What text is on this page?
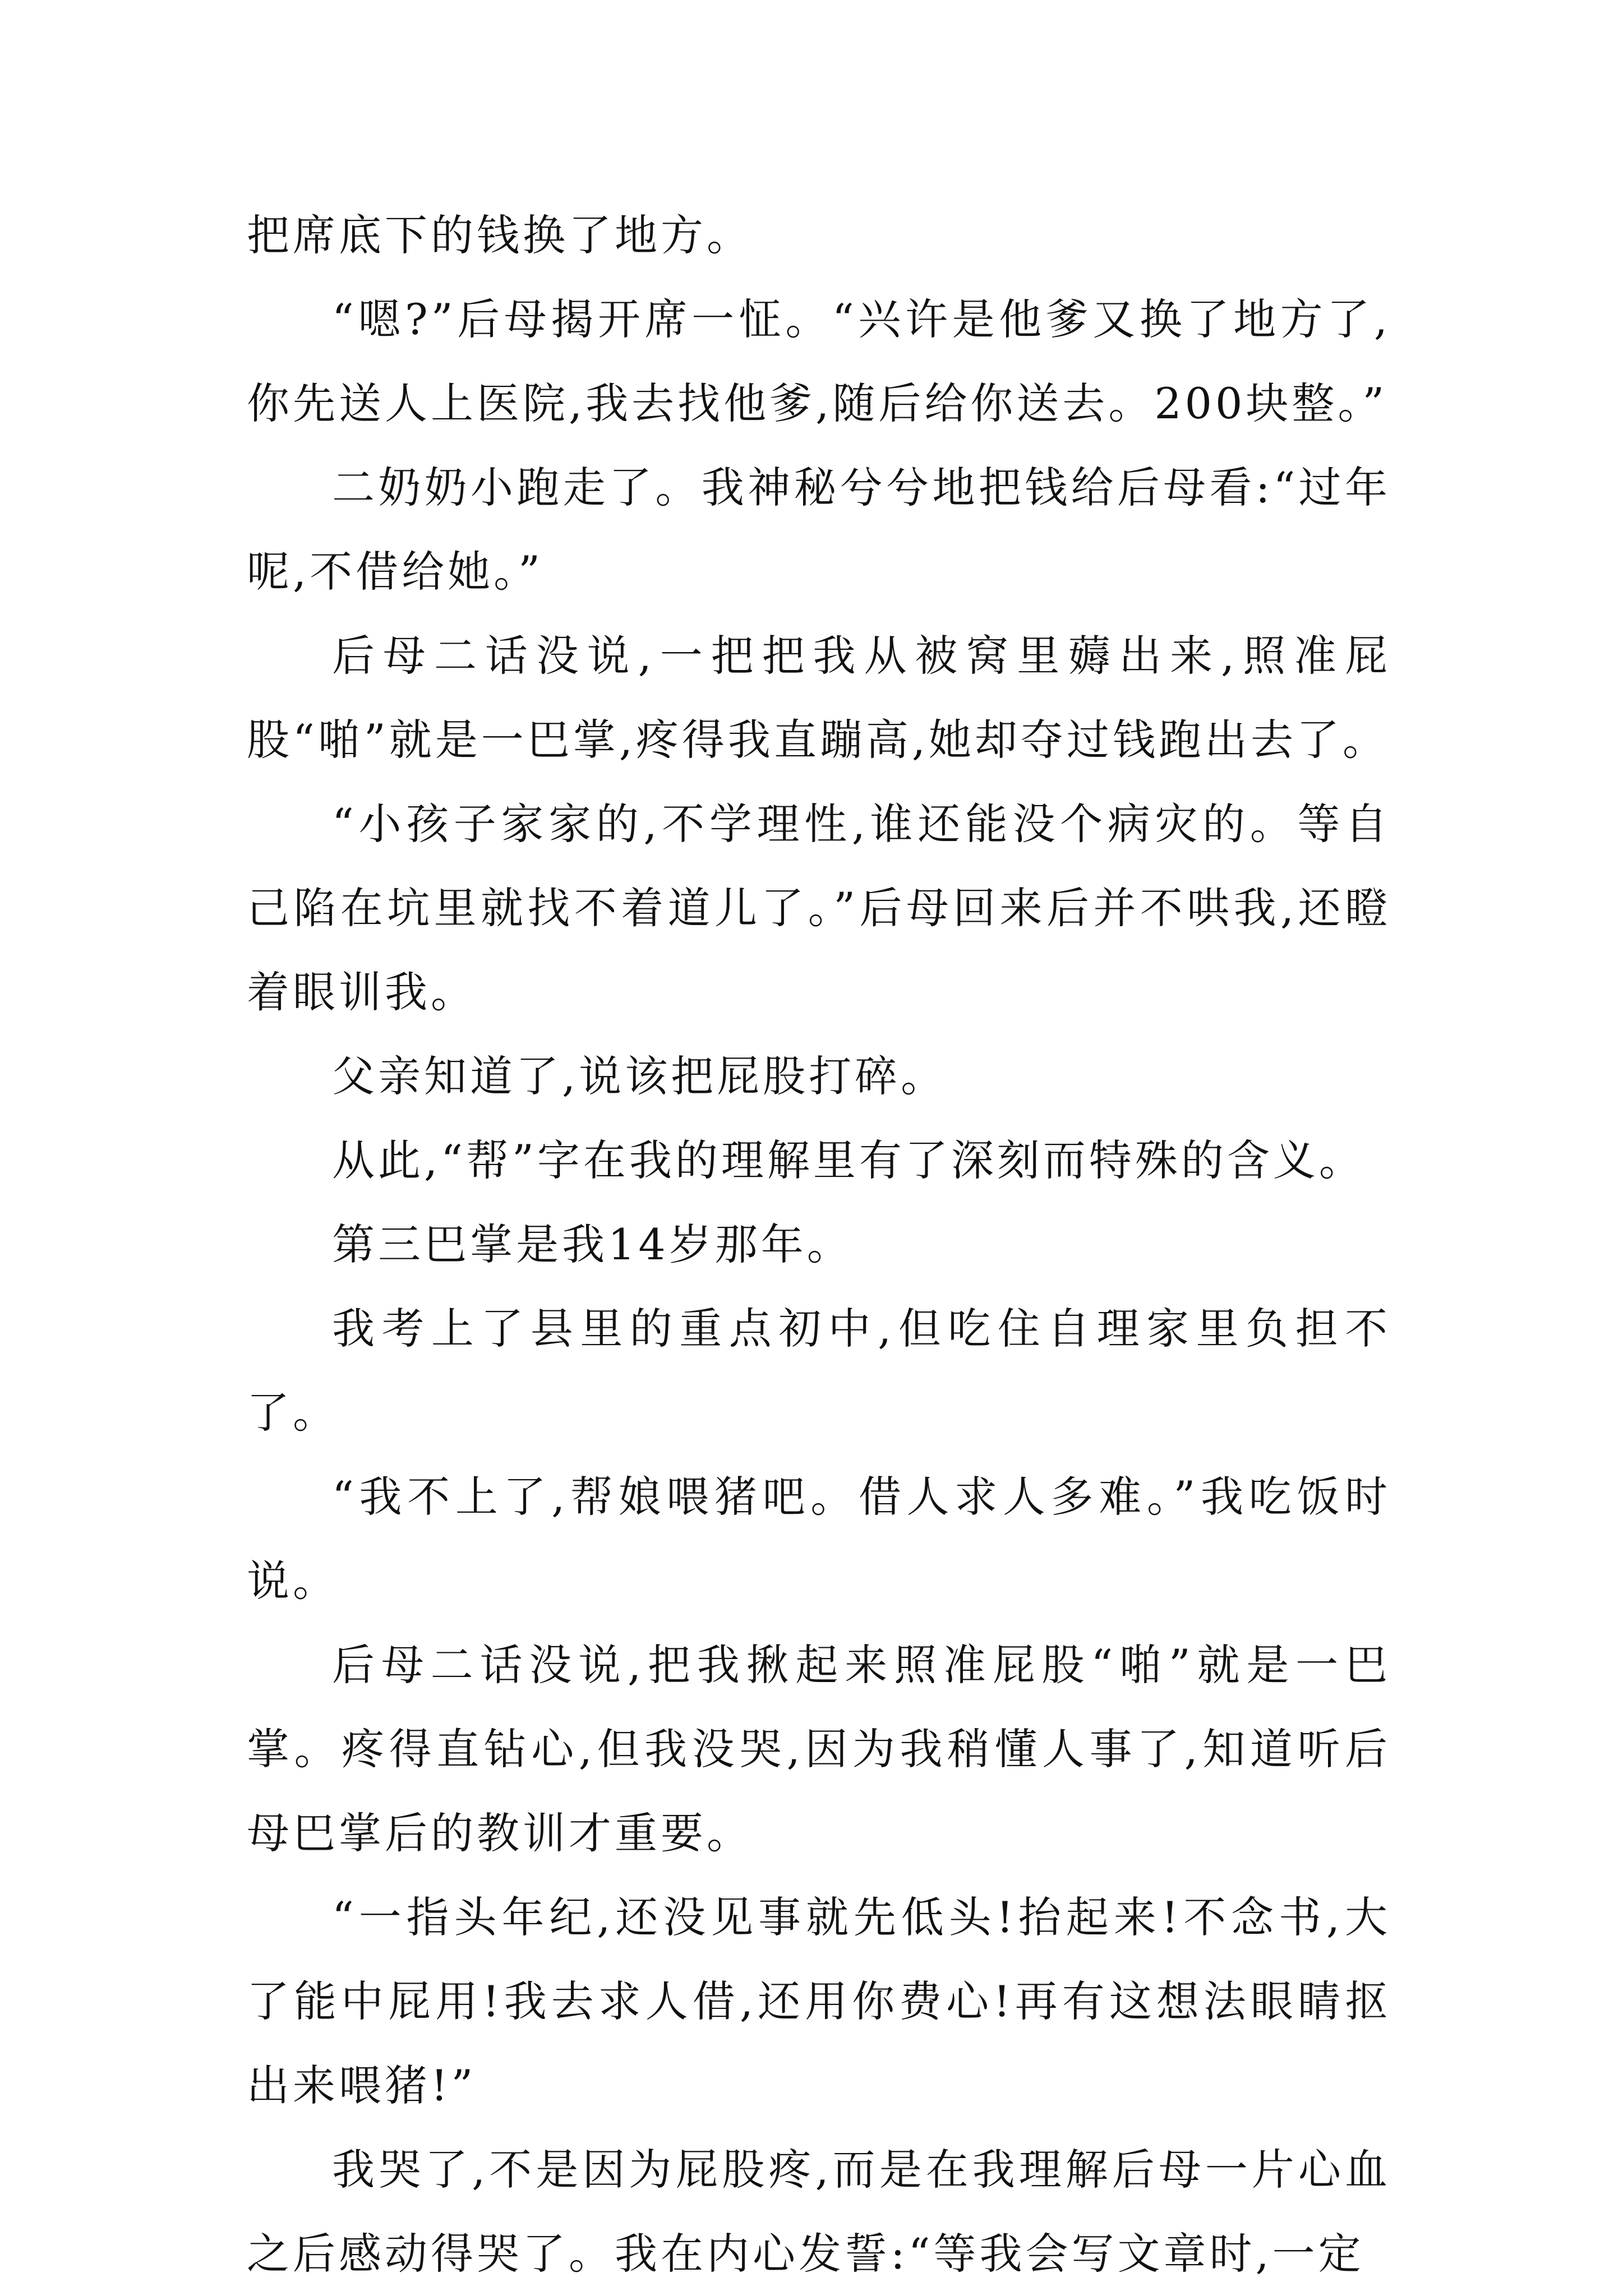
把席底下的钱换了地方。

“嗯?”后母揭开席一怔。“兴许是他爹又换了地方了,你先送人上医院,我去找他爹,随后给你送去。200块整。”

二奶奶小跑走了。我神秘兮兮地把钱给后母看:“过年呢,不借给她。”

后母二话没说,一把把我从被窝里薅出来,照准屁股“啪”就是一巴掌,疼得我直蹦高,她却夺过钱跑出去了。

“小孩子家家的,不学理性,谁还能没个病灾的。等自己陷在坑里就找不着道儿了。”后母回来后并不哄我,还瞪着眼训我。

父亲知道了,说该把屁股打碎。

从此,“帮”字在我的理解里有了深刻而特殊的含义。

第三巴掌是我14岁那年。

我考上了县里的重点初中,但吃住自理家里负担不了。

“我不上了,帮娘喂猪吧。借人求人多难。”我吃饭时说。

后母二话没说,把我揪起来照准屁股“啪”就是一巴掌。疼得直钻心,但我没哭,因为我稍懂人事了,知道听后母巴掌后的教训才重要。

“一指头年纪,还没见事就先低头!抬起来!不念书,大了能中屁用!我去求人借,还用你费心!再有这想法眼睛抠出来喂猪!”

我哭了,不是因为屁股疼,而是在我理解后母一片心血之后感动得哭了。我在内心发誓:“等我会写文章时,一定
